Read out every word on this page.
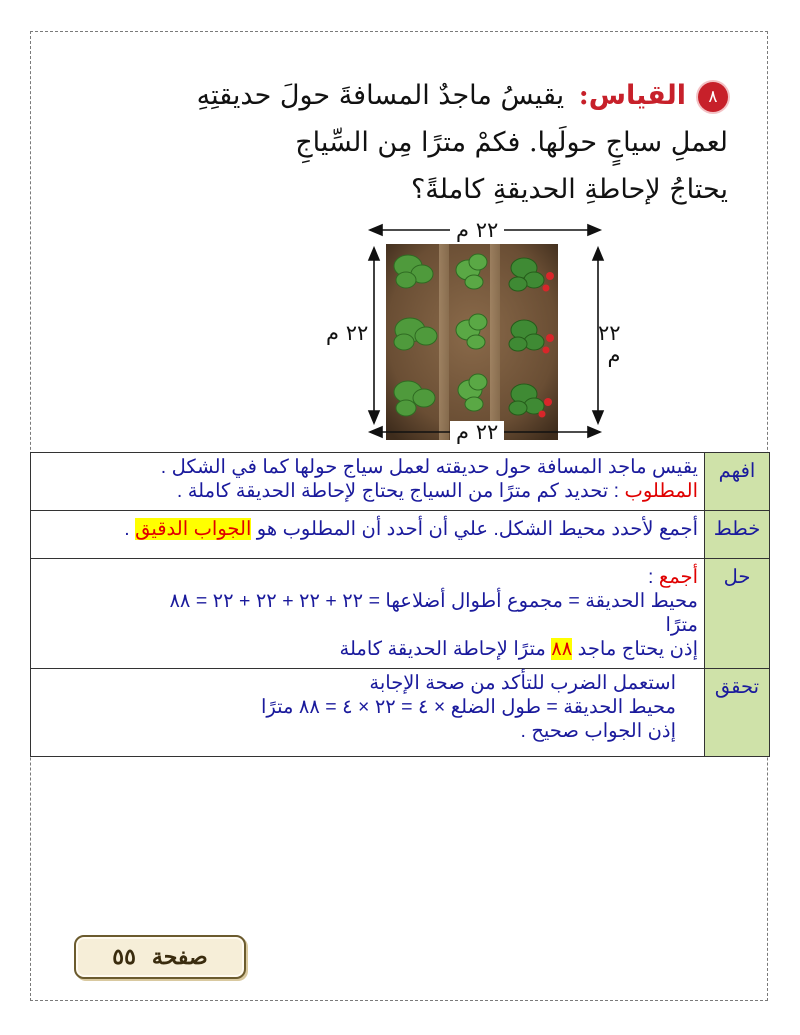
٨القياس: يقيسُ ماجدٌ المسافةَ حولَ حديقتِهِ
لعملِ سياجٍ حولَها. فكمْ مترًا مِن السِّياجِ
يحتاجُ لإحاطةِ الحديقةِ كاملةً؟
٢٢ م
٢٢ م
٢٢ م	٢٢ م
افهم	يقيس ماجد المسافة حول حديقته لعمل سياج حولها كما في الشكل .
المطلوب : تحديد كم مترًا من السياج يحتاج لإحاطة الحديقة كاملة .

خطط	أجمع لأحدد محيط الشكل. علي أن أحدد أن المطلوب هو الجواب الدقيق .
حل	أجمع :
محيط الحديقة = مجموع أطوال أضلاعها = ٢٢ + ٢٢ + ٢٢ + ٢٢ = ٨٨
مترًا
إذن يحتاج ماجد ٨٨ مترًا لإحاطة الحديقة كاملة

تحقق	استعمل الضرب للتأكد من صحة الإجابة
محيط الحديقة = طول الضلع × ٤ = ٢٢ × ٤ = ٨٨ مترًا
إذن الجواب صحيح .
صفحة
٥٥
